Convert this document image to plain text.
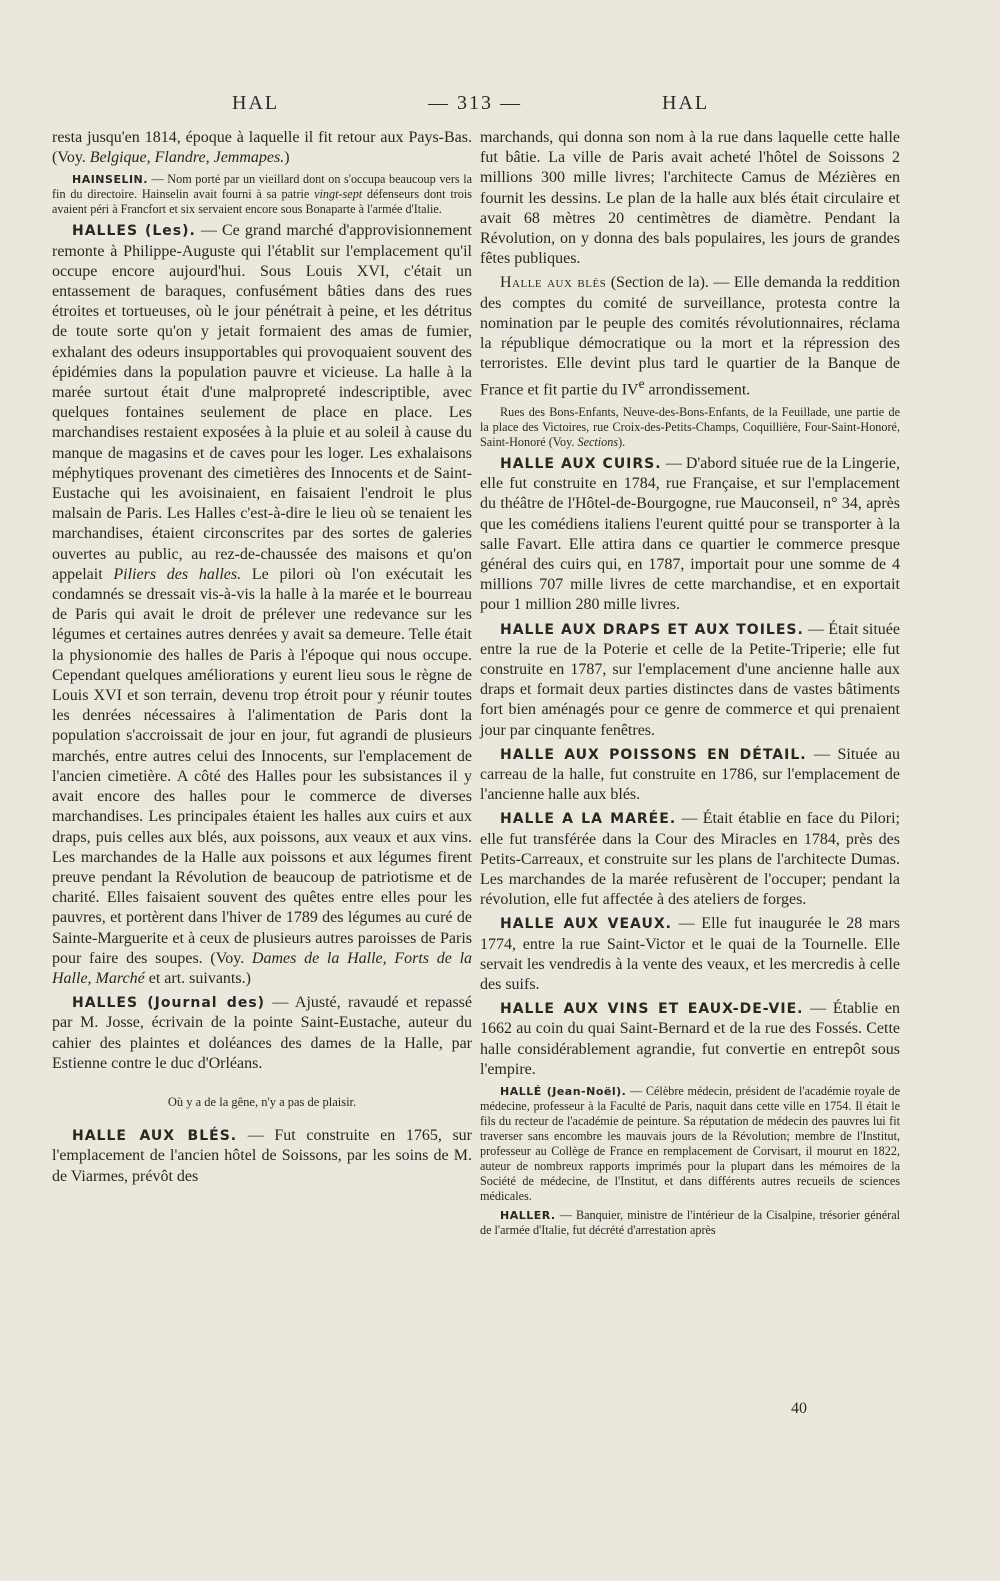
HAL	— 313 —	HAL

resta jusqu'en 1814, époque à laquelle il fit retour aux Pays-Bas. (Voy. Belgique, Flandre, Jemmapes.)

HAINSELIN. — Nom porté par un vieillard dont on s'occupa beaucoup vers la fin du directoire. Hainselin avait fourni à sa patrie vingt-sept défenseurs dont trois avaient péri à Francfort et six servaient encore sous Bonaparte à l'armée d'Italie.

HALLES (Les). — Ce grand marché d'approvisionnement remonte à Philippe-Auguste qui l'établit sur l'emplacement qu'il occupe encore aujourd'hui. Sous Louis XVI, c'était un entassement de baraques, confusément bâties dans des rues étroites et tortueuses, où le jour pénétrait à peine, et les détritus de toute sorte qu'on y jetait formaient des amas de fumier, exhalant des odeurs insupportables qui provoquaient souvent des épidémies dans la population pauvre et vicieuse. La halle à la marée surtout était d'une malpropreté indescriptible, avec quelques fontaines seulement de place en place. Les marchandises restaient exposées à la pluie et au soleil à cause du manque de magasins et de caves pour les loger. Les exhalaisons méphytiques provenant des cimetières des Innocents et de Saint-Eustache qui les avoisinaient, en faisaient l'endroit le plus malsain de Paris. Les Halles c'est-à-dire le lieu où se tenaient les marchandises, étaient circonscrites par des sortes de galeries ouvertes au public, au rez-de-chaussée des maisons et qu'on appelait Piliers des halles. Le pilori où l'on exécutait les condamnés se dressait vis-à-vis la halle à la marée et le bourreau de Paris qui avait le droit de prélever une redevance sur les légumes et certaines autres denrées y avait sa demeure. Telle était la physionomie des halles de Paris à l'époque qui nous occupe. Cependant quelques améliorations y eurent lieu sous le règne de Louis XVI et son terrain, devenu trop étroit pour y réunir toutes les denrées nécessaires à l'alimentation de Paris dont la population s'accroissait de jour en jour, fut agrandi de plusieurs marchés, entre autres celui des Innocents, sur l'emplacement de l'ancien cimetière. A côté des Halles pour les subsistances il y avait encore des halles pour le commerce de diverses marchandises. Les principales étaient les halles aux cuirs et aux draps, puis celles aux blés, aux poissons, aux veaux et aux vins. Les marchandes de la Halle aux poissons et aux légumes firent preuve pendant la Révolution de beaucoup de patriotisme et de charité. Elles faisaient souvent des quêtes entre elles pour les pauvres, et portèrent dans l'hiver de 1789 des légumes au curé de Sainte-Marguerite et à ceux de plusieurs autres paroisses de Paris pour faire des soupes. (Voy. Dames de la Halle, Forts de la Halle, Marché et art. suivants.)

HALLES (Journal des) — Ajusté, ravaudé et repassé par M. Josse, écrivain de la pointe Saint-Eustache, auteur du cahier des plaintes et doléances des dames de la Halle, par Estienne contre le duc d'Orléans.

Où y a de la gêne, n'y a pas de plaisir.

HALLE AUX BLÉS. — Fut construite en 1765, sur l'emplacement de l'ancien hôtel de Soissons, par les soins de M. de Viarmes, prévôt des

marchands, qui donna son nom à la rue dans laquelle cette halle fut bâtie. La ville de Paris avait acheté l'hôtel de Soissons 2 millions 300 mille livres; l'architecte Camus de Mézières en fournit les dessins. Le plan de la halle aux blés était circulaire et avait 68 mètres 20 centimètres de diamètre. Pendant la Révolution, on y donna des bals populaires, les jours de grandes fêtes publiques.

Halle aux blés (Section de la). — Elle demanda la reddition des comptes du comité de surveillance, protesta contre la nomination par le peuple des comités révolutionnaires, réclama la république démocratique ou la mort et la répression des terroristes. Elle devint plus tard le quartier de la Banque de France et fit partie du IVe arrondissement.

Rues des Bons-Enfants, Neuve-des-Bons-Enfants, de la Feuillade, une partie de la place des Victoires, rue Croix-des-Petits-Champs, Coquillière, Four-Saint-Honoré, Saint-Honoré (Voy. Sections).

HALLE AUX CUIRS. — D'abord située rue de la Lingerie, elle fut construite en 1784, rue Française, et sur l'emplacement du théâtre de l'Hôtel-de-Bourgogne, rue Mauconseil, n° 34, après que les comédiens italiens l'eurent quitté pour se transporter à la salle Favart. Elle attira dans ce quartier le commerce presque général des cuirs qui, en 1787, importait pour une somme de 4 millions 707 mille livres de cette marchandise, et en exportait pour 1 million 280 mille livres.

HALLE AUX DRAPS ET AUX TOILES. — Était située entre la rue de la Poterie et celle de la Petite-Triperie; elle fut construite en 1787, sur l'emplacement d'une ancienne halle aux draps et formait deux parties distinctes dans de vastes bâtiments fort bien aménagés pour ce genre de commerce et qui prenaient jour par cinquante fenêtres.

HALLE AUX POISSONS EN DÉTAIL. — Située au carreau de la halle, fut construite en 1786, sur l'emplacement de l'ancienne halle aux blés.

HALLE A LA MARÉE. — Était établie en face du Pilori; elle fut transférée dans la Cour des Miracles en 1784, près des Petits-Carreaux, et construite sur les plans de l'architecte Dumas. Les marchandes de la marée refusèrent de l'occuper; pendant la révolution, elle fut affectée à des ateliers de forges.

HALLE AUX VEAUX. — Elle fut inaugurée le 28 mars 1774, entre la rue Saint-Victor et le quai de la Tournelle. Elle servait les vendredis à la vente des veaux, et les mercredis à celle des suifs.

HALLE AUX VINS ET EAUX-DE-VIE. — Établie en 1662 au coin du quai Saint-Bernard et de la rue des Fossés. Cette halle considérablement agrandie, fut convertie en entrepôt sous l'empire.

HALLÉ (Jean-Noël). — Célèbre médecin, président de l'académie royale de médecine, professeur à la Faculté de Paris, naquit dans cette ville en 1754. Il était le fils du recteur de l'académie de peinture. Sa réputation de médecin des pauvres lui fit traverser sans encombre les mauvais jours de la Révolution; membre de l'Institut, professeur au Collège de France en remplacement de Corvisart, il mourut en 1822, auteur de nombreux rapports imprimés pour la plupart dans les mémoires de la Société de médecine, de l'Institut, et dans différents autres recueils de sciences médicales.

HALLER. — Banquier, ministre de l'intérieur de la Cisalpine, trésorier général de l'armée d'Italie, fut décrété d'arrestation après

40
